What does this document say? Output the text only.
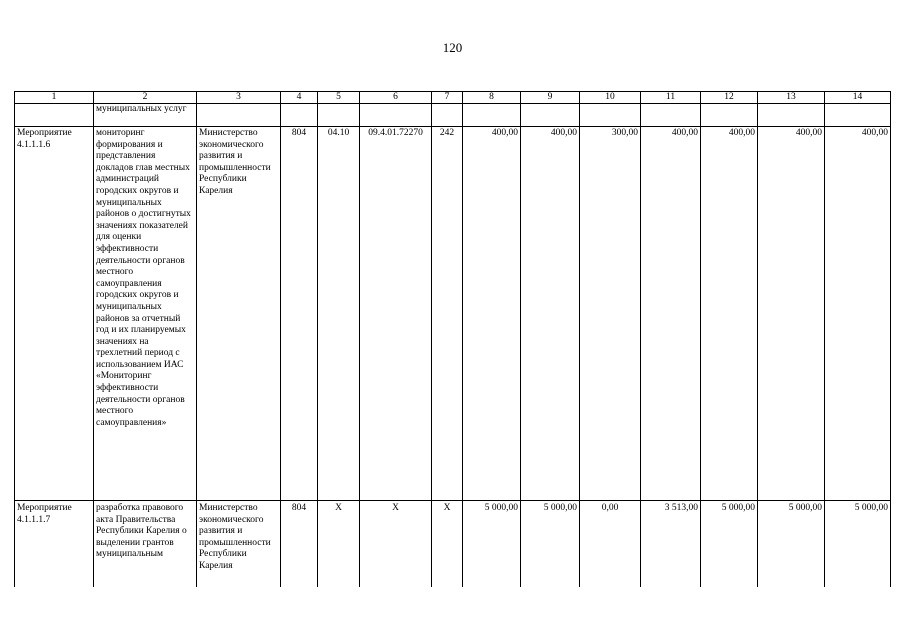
120
1	2	3	4	5	6	7	8	9	10	11	12	13	14
	муниципальных услуг												
Мероприятие 4.1.1.1.6	мониторинг формирования и представления докладов глав местных администраций городских округов и муниципальных районов о достигнутых значениях показателей для оценки эффективности деятельности органов местного самоуправления городских округов и муниципальных районов за отчетный год и их планируемых значениях на трехлетний период с использованием ИАС «Мониторинг эффективности деятельности органов местного самоуправления»	Министерство экономического развития и промышленности Республики Карелия	804	04.10	09.4.01.72270	242	400,00	400,00	300,00	400,00	400,00	400,00	400,00
Мероприятие 4.1.1.1.7	разработка правового акта Правительства Республики Карелия о выделении грантов муниципальным	Министерство экономического развития и промышленности Республики Карелия	804	Х	Х	Х	5 000,00	5 000,00	0,00	3 513,00	5 000,00	5 000,00	5 000,00
